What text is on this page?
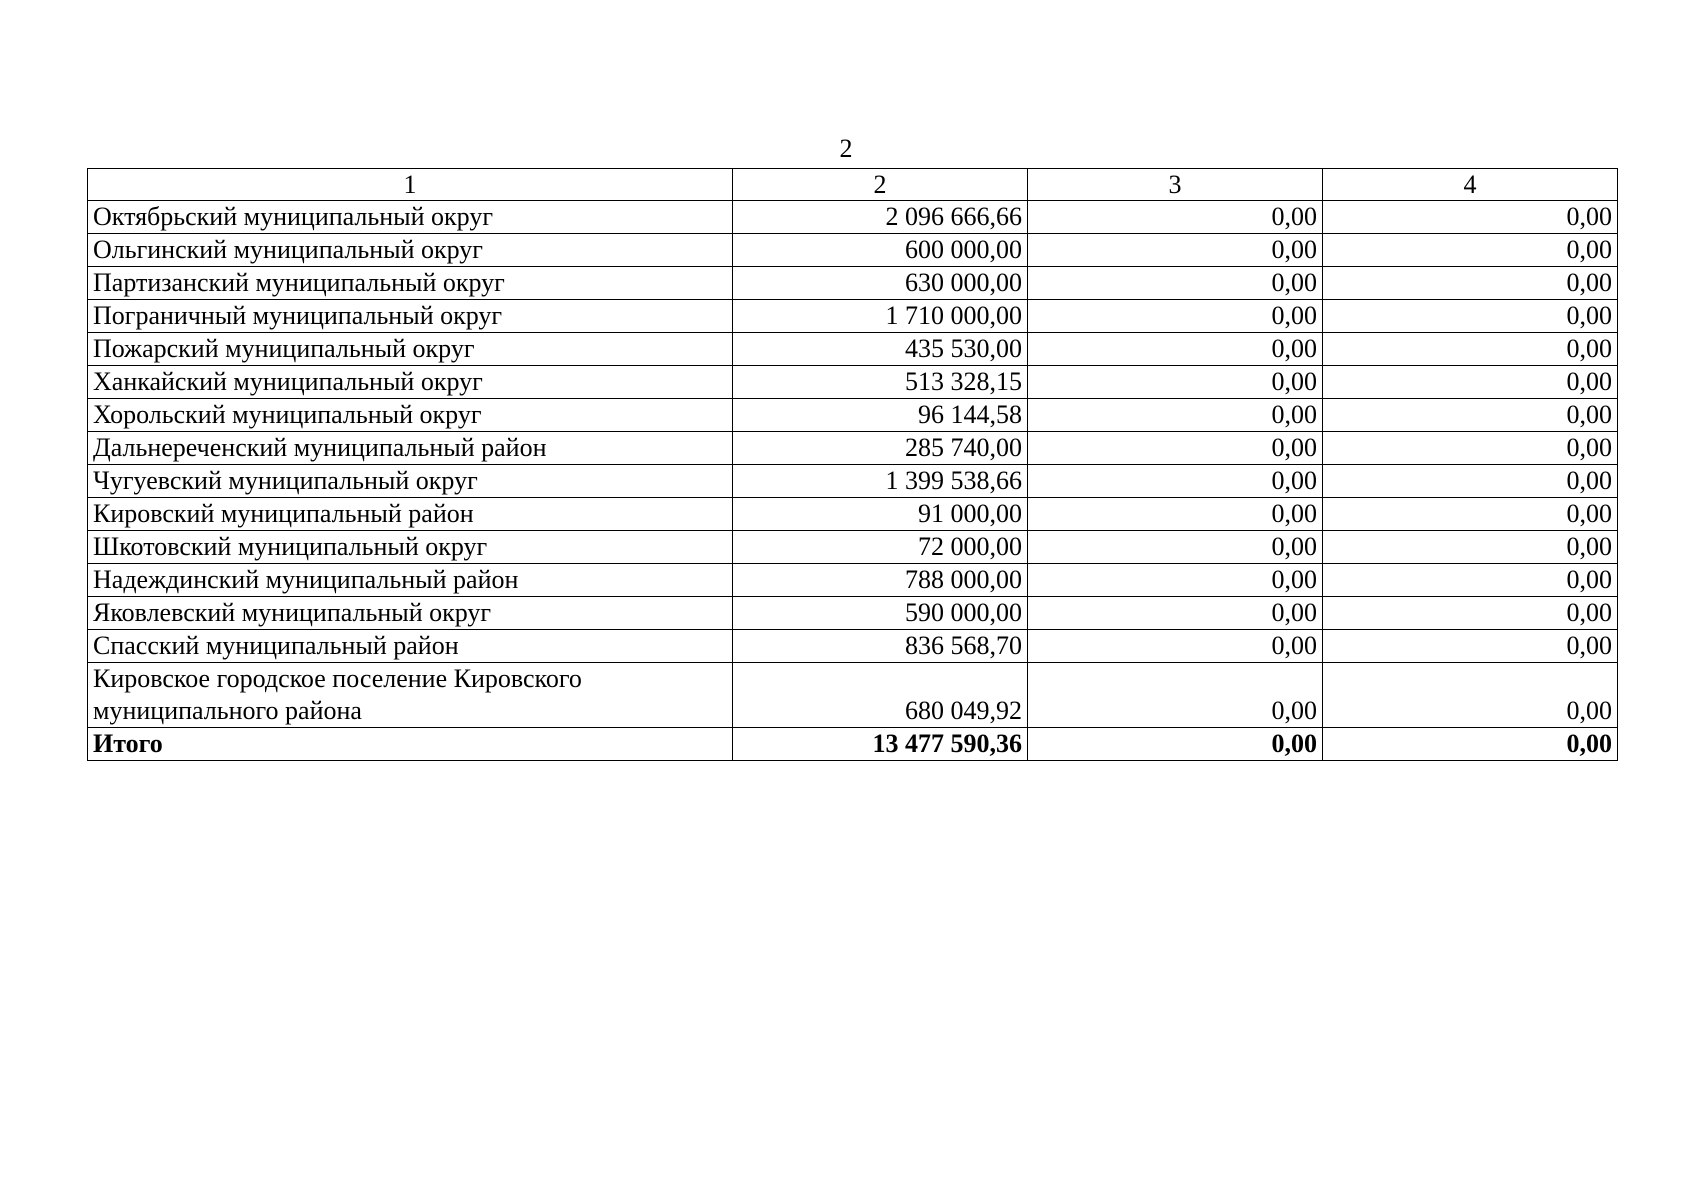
2
1	2	3	4
Октябрьский муниципальный округ	2 096 666,66	0,00	0,00
Ольгинский муниципальный округ	600 000,00	0,00	0,00
Партизанский муниципальный округ	630 000,00	0,00	0,00
Пограничный муниципальный округ	1 710 000,00	0,00	0,00
Пожарский муниципальный округ	435 530,00	0,00	0,00
Ханкайский муниципальный округ	513 328,15	0,00	0,00
Хорольский муниципальный округ	96 144,58	0,00	0,00
Дальнереченский муниципальный район	285 740,00	0,00	0,00
Чугуевский муниципальный округ	1 399 538,66	0,00	0,00
Кировский муниципальный район	91 000,00	0,00	0,00
Шкотовский муниципальный округ	72 000,00	0,00	0,00
Надеждинский муниципальный район	788 000,00	0,00	0,00
Яковлевский муниципальный округ	590 000,00	0,00	0,00
Спасский муниципальный район	836 568,70	0,00	0,00
Кировское городское поселение Кировского муниципального района	680 049,92	0,00	0,00
Итого	13 477 590,36	0,00	0,00
